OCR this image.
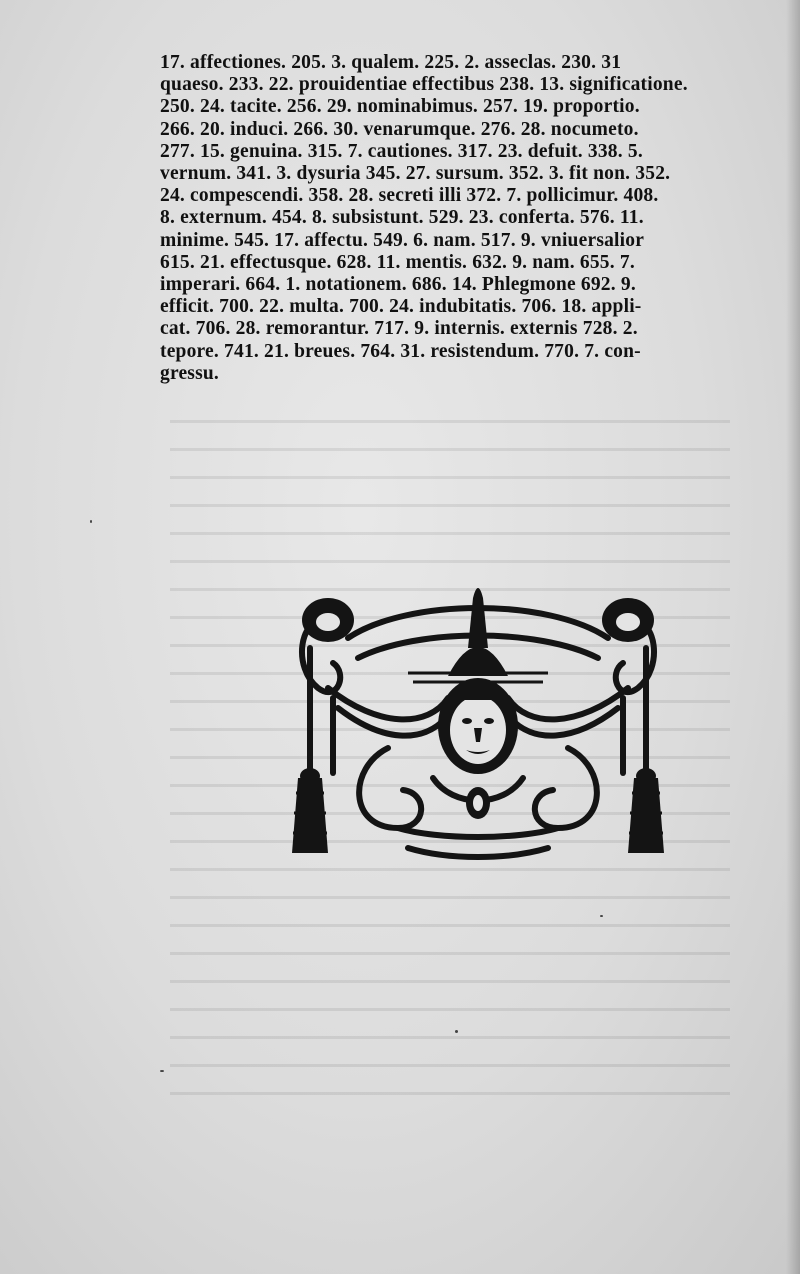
17. affectiones. 205. 3. qualem. 225. 2. asseclas. 230. 31
quaeso. 233. 22. prouidentiae effectibus 238. 13. significatione.
250. 24. tacite. 256. 29. nominabimus. 257. 19. proportio.
266. 20. induci. 266. 30. venarumque. 276. 28. nocumeto.
277. 15. genuina. 315. 7. cautiones. 317. 23. defuit. 338. 5.
vernum. 341. 3. dysuria 345. 27. sursum. 352. 3. fit non. 352.
24. compescendi. 358. 28. secreti illi 372. 7. pollicimur. 408.
8. externum. 454. 8. subsistunt. 529. 23. conferta. 576. 11.
minime. 545. 17. affectu. 549. 6. nam. 517. 9. vniuersalior
615. 21. effectusque. 628. 11. mentis. 632. 9. nam. 655. 7.
imperari. 664. 1. notationem. 686. 14. Phlegmone 692. 9.
efficit. 700. 22. multa. 700. 24. indubitatis. 706. 18. appli-
cat. 706. 28. remorantur. 717. 9. internis. externis 728. 2.
tepore. 741. 21. breues. 764. 31. resistendum. 770. 7. con-
gressu.
